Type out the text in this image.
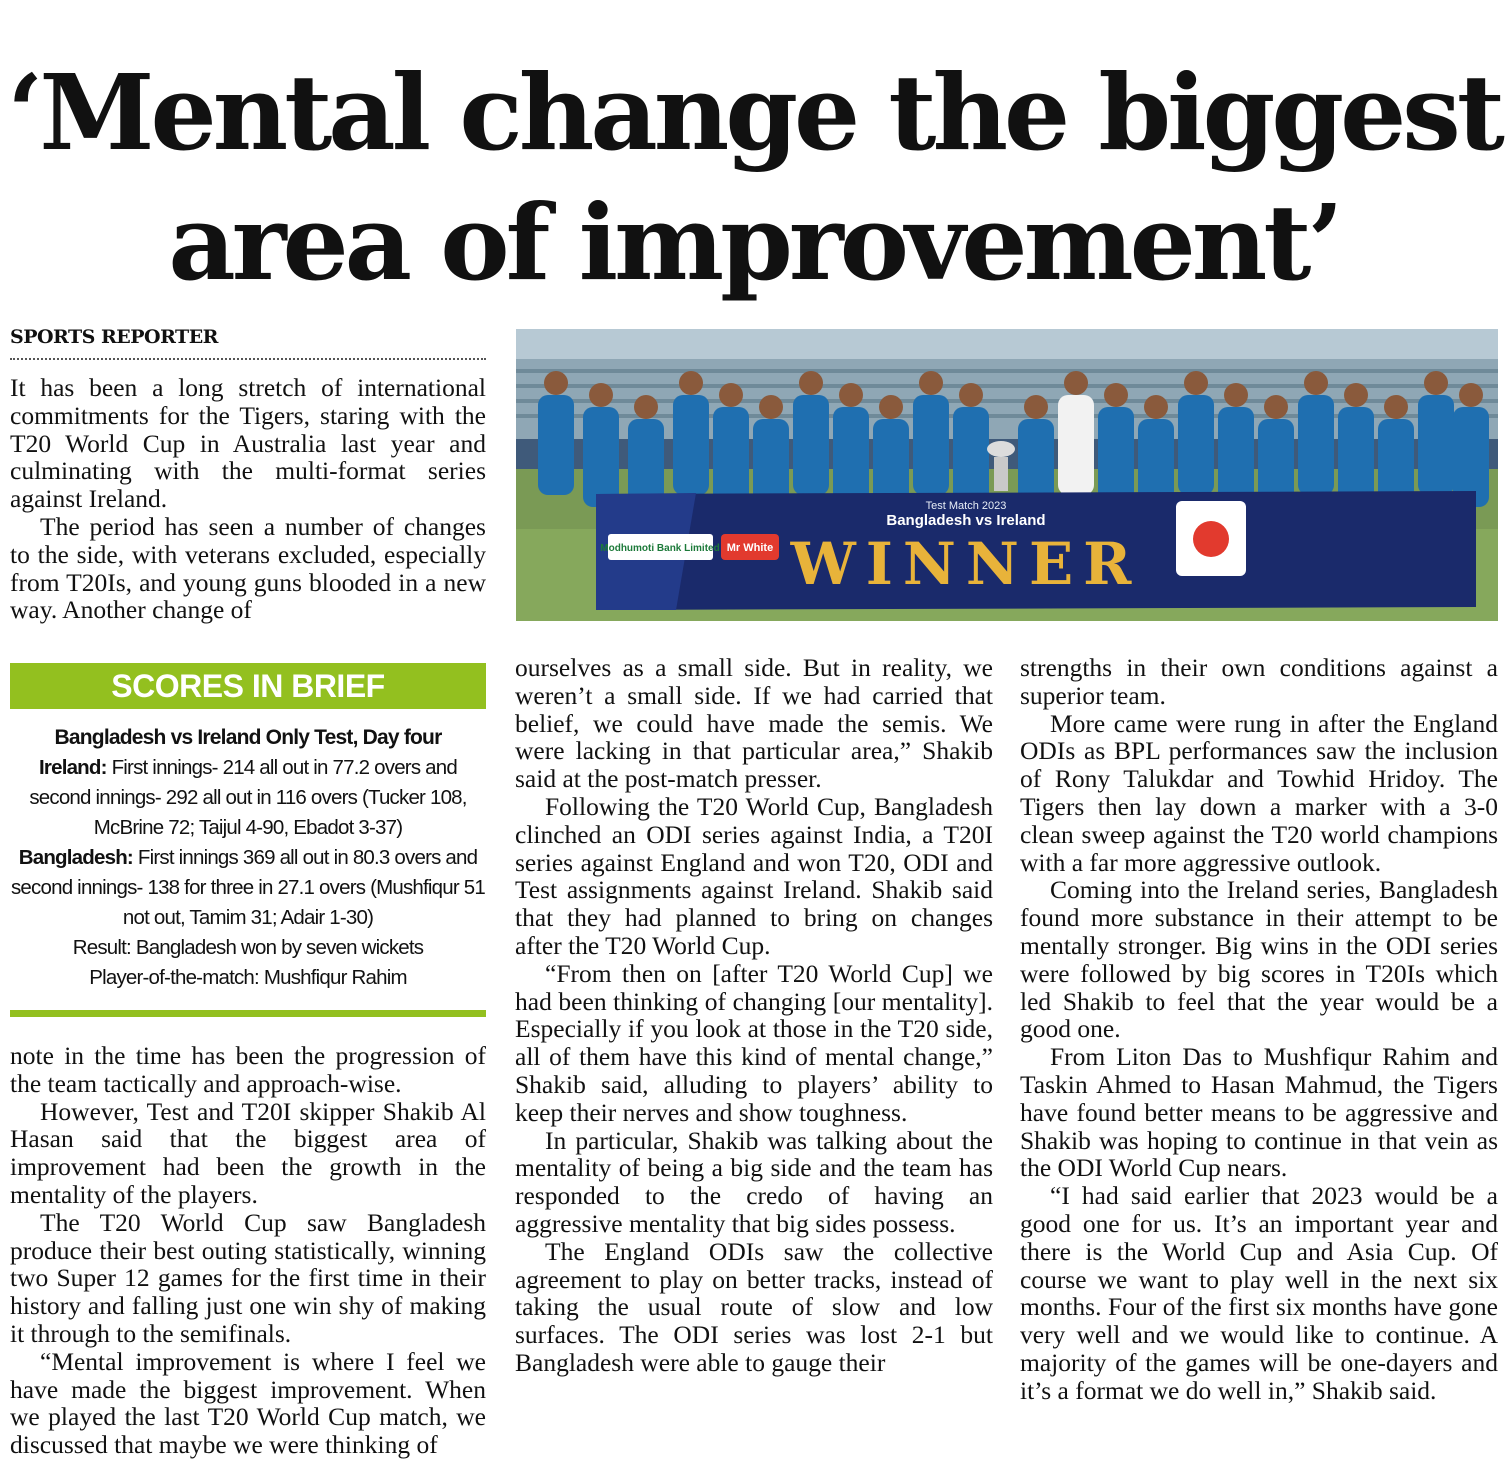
‘Mental change the biggest
area of improvement’
SPORTS REPORTER

It has been a long stretch of international commitments for the Tigers, staring with the T20 World Cup in Australia last year and culminating with the multi-format series against Ireland.

The period has seen a number of changes to the side, with veterans excluded, especially from T20Is, and young guns blooded in a new way. Another change of

Modhumoti Bank Limited Mr White
Test Match 2023
Bangladesh vs Ireland
WINNER
SCORES IN BRIEF
Bangladesh vs Ireland Only Test, Day four
Ireland: First innings- 214 all out in 77.2 overs and second innings- 292 all out in 116 overs (Tucker 108, McBrine 72; Taijul 4-90, Ebadot 3-37)
Bangladesh: First innings 369 all out in 80.3 overs and second innings- 138 for three in 27.1 overs (Mushfiqur 51 not out, Tamim 31; Adair 1-30)
Result: Bangladesh won by seven wickets
Player-of-the-match: Mushfiqur Rahim

note in the time has been the progression of the team tactically and approach-wise.

However, Test and T20I skipper Shakib Al Hasan said that the biggest area of improvement had been the growth in the mentality of the players.

The T20 World Cup saw Bangladesh produce their best outing statistically, winning two Super 12 games for the first time in their history and falling just one win shy of making it through to the semifinals.

“Mental improvement is where I feel we have made the biggest improvement. When we played the last T20 World Cup match, we discussed that maybe we were thinking of

ourselves as a small side. But in reality, we weren’t a small side. If we had carried that belief, we could have made the semis. We were lacking in that particular area,” Shakib said at the post-match presser.

Following the T20 World Cup, Bangladesh clinched an ODI series against India, a T20I series against England and won T20, ODI and Test assignments against Ireland. Shakib said that they had planned to bring on changes after the T20 World Cup.

“From then on [after T20 World Cup] we had been thinking of changing [our mentality]. Especially if you look at those in the T20 side, all of them have this kind of mental change,” Shakib said, alluding to players’ ability to keep their nerves and show toughness.

In particular, Shakib was talking about the mentality of being a big side and the team has responded to the credo of having an aggressive mentality that big sides possess.

The England ODIs saw the collective agreement to play on better tracks, instead of taking the usual route of slow and low surfaces. The ODI series was lost 2-1 but Bangladesh were able to gauge their

strengths in their own conditions against a superior team.

More came were rung in after the England ODIs as BPL performances saw the inclusion of Rony Talukdar and Towhid Hridoy. The Tigers then lay down a marker with a 3-0 clean sweep against the T20 world champions with a far more aggressive outlook.

Coming into the Ireland series, Bangladesh found more substance in their attempt to be mentally stronger. Big wins in the ODI series were followed by big scores in T20Is which led Shakib to feel that the year would be a good one.

From Liton Das to Mushfiqur Rahim and Taskin Ahmed to Hasan Mahmud, the Tigers have found better means to be aggressive and Shakib was hoping to continue in that vein as the ODI World Cup nears.

“I had said earlier that 2023 would be a good one for us. It’s an important year and there is the World Cup and Asia Cup. Of course we want to play well in the next six months. Four of the first six months have gone very well and we would like to continue. A majority of the games will be one-dayers and it’s a format we do well in,” Shakib said.
